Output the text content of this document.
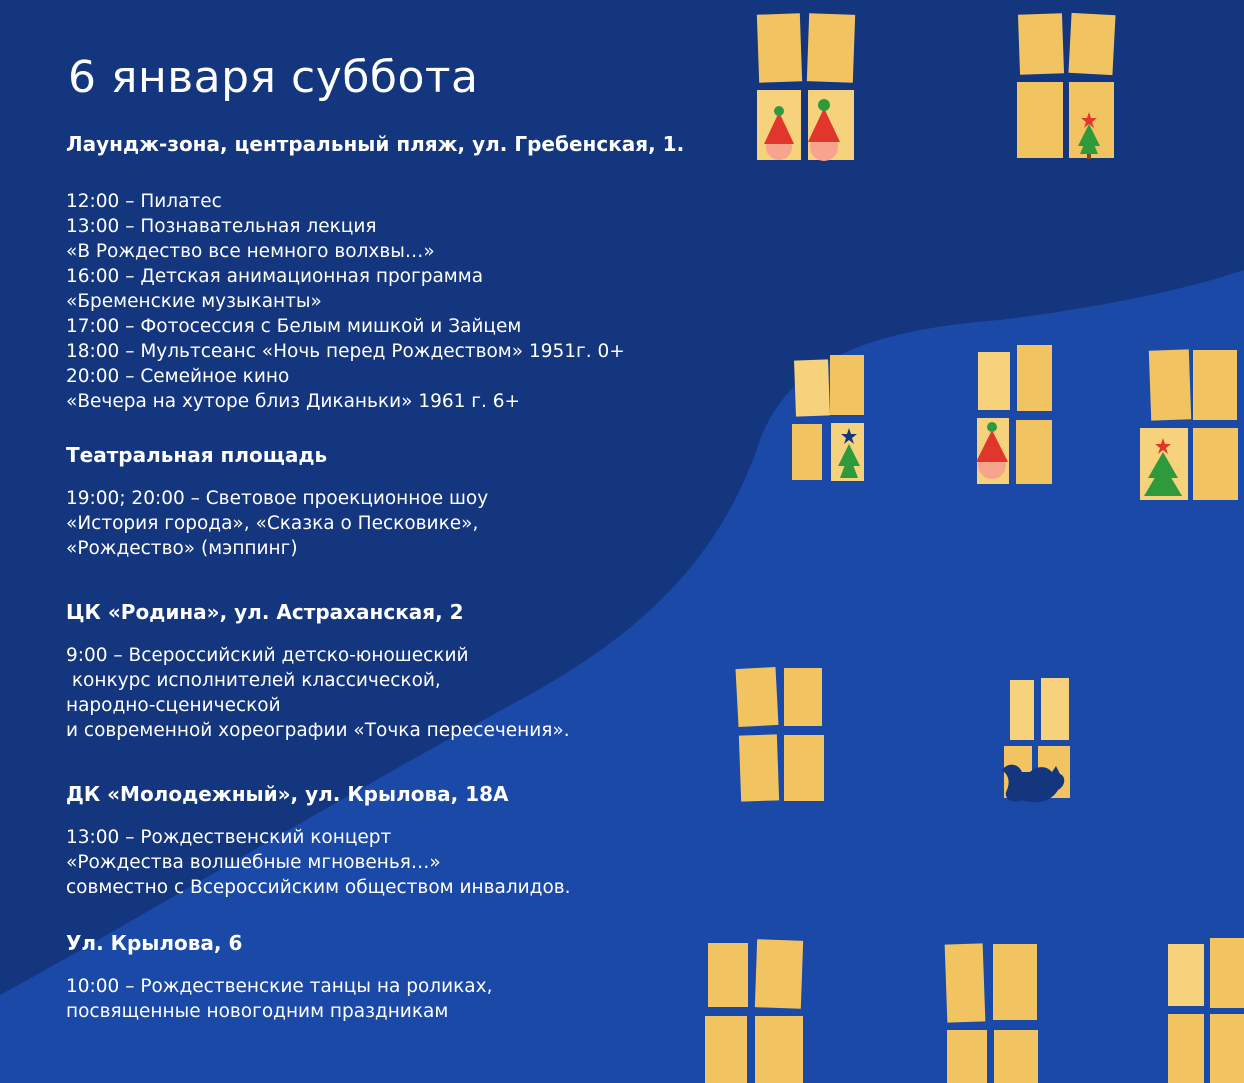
6 января суббота
Лаундж-зона, центральный пляж, ул. Гребенская, 1.
12:00 – Пилатес
13:00 – Познавательная лекция
«В Рождество все немного волхвы…»
16:00 – Детская анимационная программа
«Бременские музыканты»
17:00 – Фотосессия с Белым мишкой и Зайцем
18:00 – Мультсеанс «Ночь перед Рождеством» 1951г. 0+
20:00 – Семейное кино
«Вечера на хуторе близ Диканьки» 1961 г. 6+
Театральная площадь
19:00; 20:00 – Световое проекционное шоу
«История города», «Сказка о Песковике»,
«Рождество» (мэппинг)
ЦК «Родина», ул. Астраханская, 2
9:00 – Всероссийский детско-юношеский
конкурс исполнителей классической,
народно-сценической
и современной хореографии «Точка пересечения».
ДК «Молодежный», ул. Крылова, 18А
13:00 – Рождественский концерт
«Рождества волшебные мгновенья…»
совместно с Всероссийским обществом инвалидов.
Ул. Крылова, 6
10:00 – Рождественские танцы на роликах,
посвященные новогодним праздникам
